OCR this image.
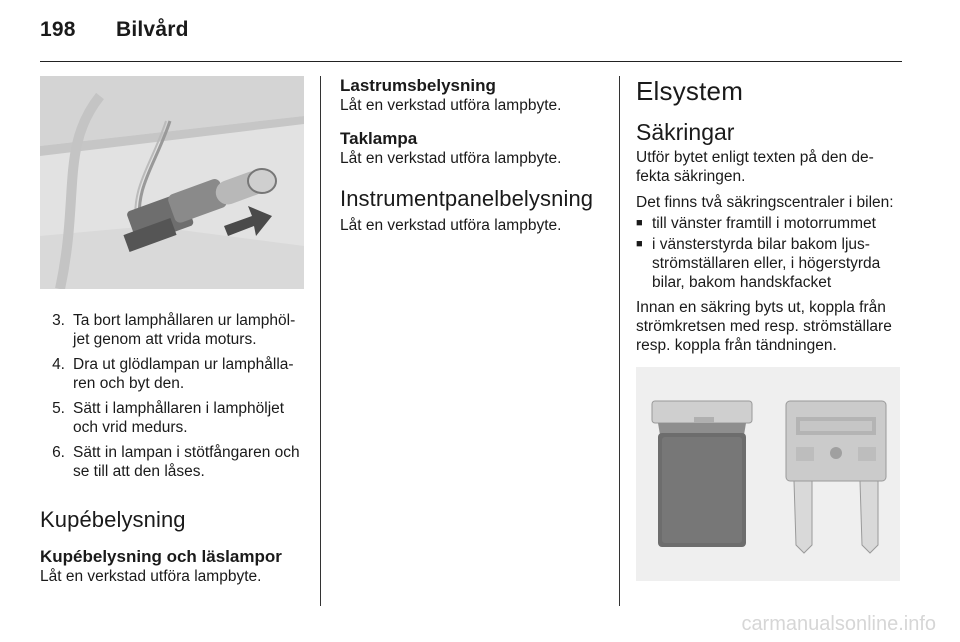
198 Bilvård
3. Ta bort lamphållaren ur lamphöl-jet genom att vrida moturs.
4. Dra ut glödlampan ur lamphålla-ren och byt den.
5. Sätt i lamphållaren i lamphöljet och vrid medurs.
6. Sätt in lampan i stötfångaren och se till att den låses.
Kupébelysning
Kupébelysning och läslampor

Låt en verkstad utföra lampbyte.

Lastrumsbelysning

Låt en verkstad utföra lampbyte.

Taklampa

Låt en verkstad utföra lampbyte.

Instrumentpanelbelysning

Låt en verkstad utföra lampbyte.

Elsystem
Säkringar

Utför bytet enligt texten på den de-fekta säkringen.

Det finns två säkringscentraler i bilen:

■ till vänster framtill i motorrummet
■ i vänsterstyrda bilar bakom ljus-strömställaren eller, i högerstyrda bilar, bakom handskfacket

Innan en säkring byts ut, koppla från strömkretsen med resp. strömställare resp. koppla från tändningen.

carmanualsonline.info
